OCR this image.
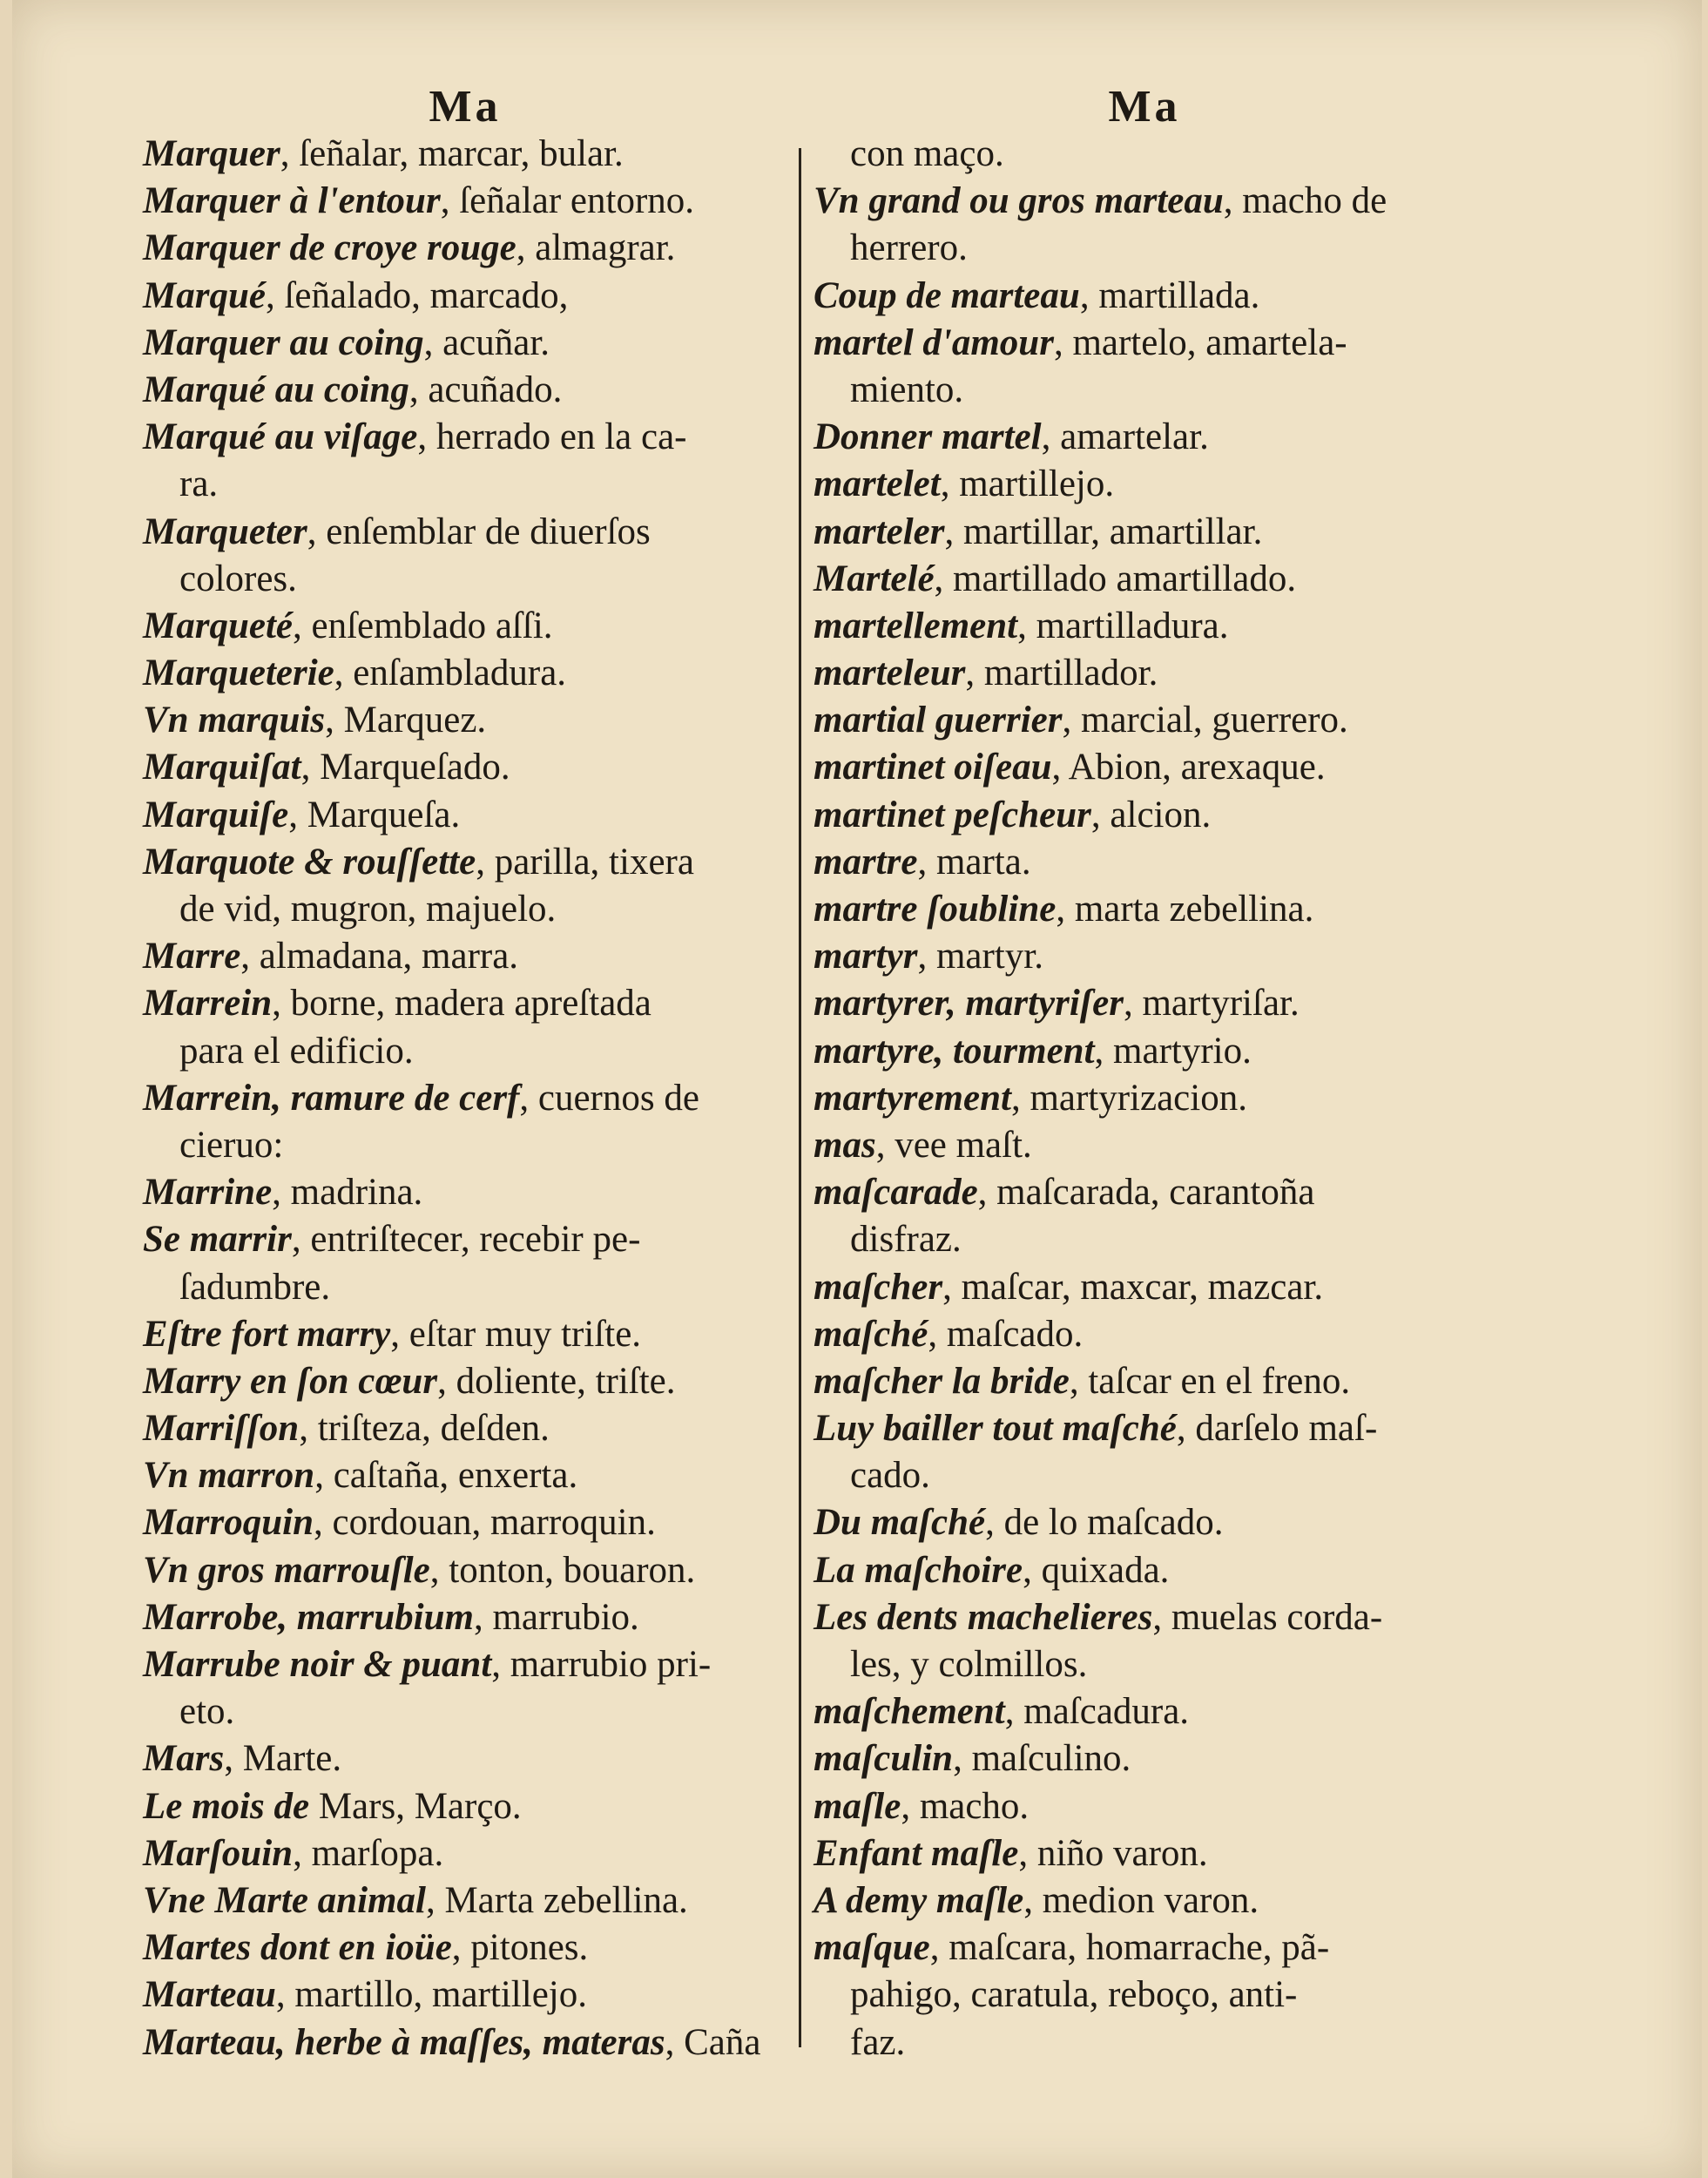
Ma
Marquer, ſeñalar, marcar, bular.
Marquer à l'entour, ſeñalar entorno.
Marquer de croye rouge, almagrar.
Marqué, ſeñalado, marcado,
Marquer au coing, acuñar.
Marqué au coing, acuñado.
Marqué au viſage, herrado en la ca-
ra.
Marqueter, enſemblar de diuerſos
colores.
Marqueté, enſemblado aſſi.
Marqueterie, enſambladura.
Vn marquis, Marquez.
Marquiſat, Marqueſado.
Marquiſe, Marqueſa.
Marquote & rouſſette, parilla, tixera
de vid, mugron, majuelo.
Marre, almadana, marra.
Marrein, borne, madera apreſtada
para el edificio.
Marrein, ramure de cerf, cuernos de
cieruo:
Marrine, madrina.
Se marrir, entriſtecer, recebir pe-
ſadumbre.
Eſtre fort marry, eſtar muy triſte.
Marry en ſon cœur, doliente, triſte.
Marriſſon, triſteza, deſden.
Vn marron, caſtaña, enxerta.
Marroquin, cordouan, marroquin.
Vn gros marrouſle, tonton, bouaron.
Marrobe, marrubium, marrubio.
Marrube noir & puant, marrubio pri-
eto.
Mars, Marte.
Le mois de Mars, Março.
Marſouin, marſopa.
Vne Marte animal, Marta zebellina.
Martes dont en ioüe, pitones.
Marteau, martillo, martillejo.
Marteau, herbe à maſſes, materas, Caña
Ma
con maço.
Vn grand ou gros marteau, macho de
herrero.
Coup de marteau, martillada.
martel d'amour, martelo, amartela-
miento.
Donner martel, amartelar.
martelet, martillejo.
marteler, martillar, amartillar.
Martelé, martillado amartillado.
martellement, martilladura.
marteleur, martillador.
martial guerrier, marcial, guerrero.
martinet oiſeau, Abion, arexaque.
martinet peſcheur, alcion.
martre, marta.
martre ſoubline, marta zebellina.
martyr, martyr.
martyrer, martyriſer, martyriſar.
martyre, tourment, martyrio.
martyrement, martyrizacion.
mas, vee maſt.
maſcarade, maſcarada, carantoña
disfraz.
maſcher, maſcar, maxcar, mazcar.
maſché, maſcado.
maſcher la bride, taſcar en el freno.
Luy bailler tout maſché, darſelo maſ-
cado.
Du maſché, de lo maſcado.
La maſchoire, quixada.
Les dents machelieres, muelas corda-
les, y colmillos.
maſchement, maſcadura.
maſculin, maſculino.
maſle, macho.
Enfant maſle, niño varon.
A demy maſle, medion varon.
maſque, maſcara, homarrache, pã-
pahigo, caratula, reboço, anti-
faz.
